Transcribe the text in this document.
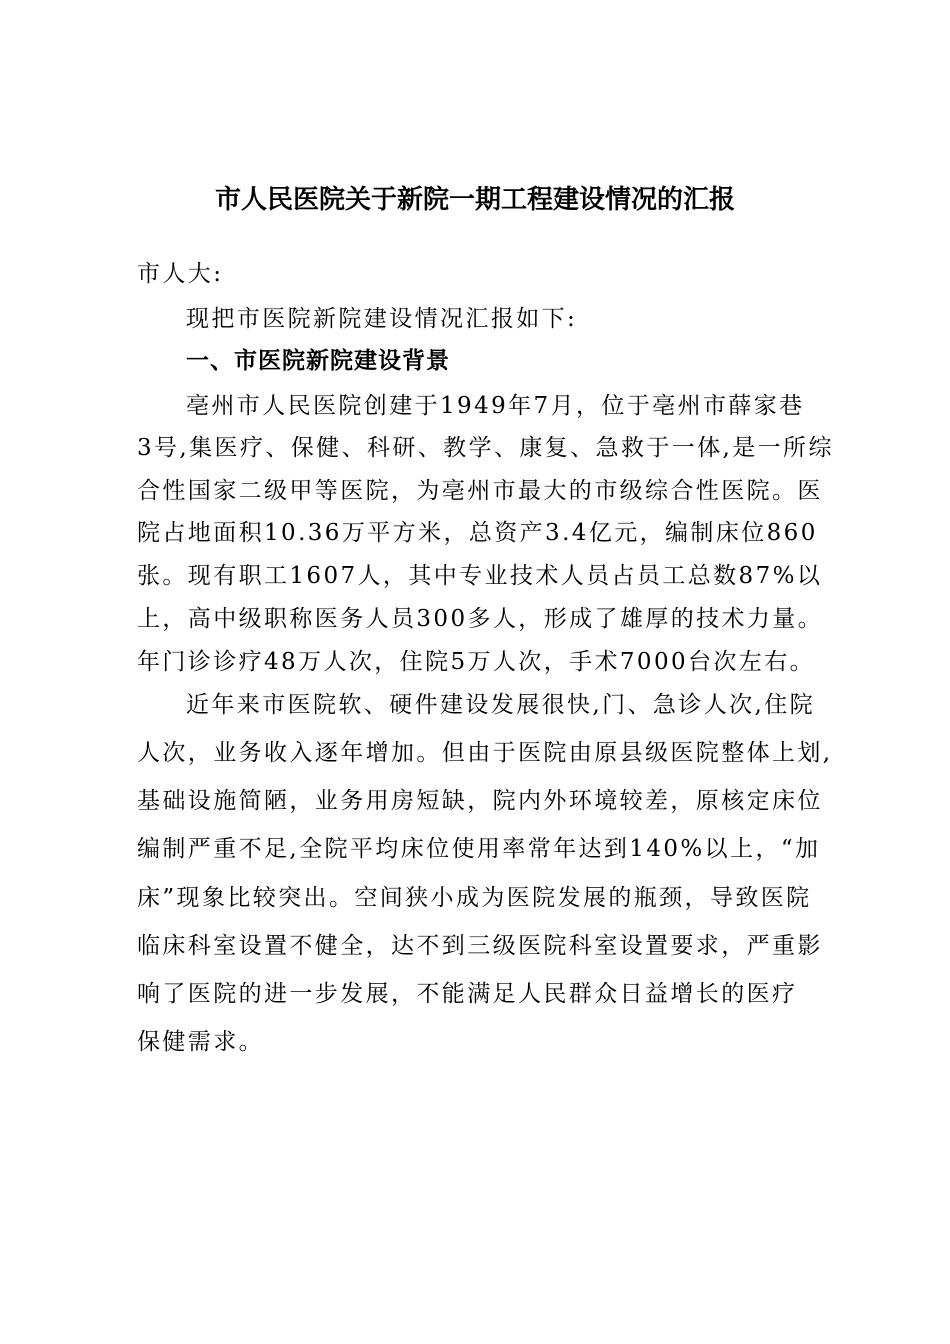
市人民医院关于新院一期工程建设情况的汇报
市人大:
现把市医院新院建设情况汇报如下:
一、市医院新院建设背景
亳州市人民医院创建于1949年7月，位于亳州市薛家巷
3号,集医疗、保健、科研、教学、康复、急救于一体,是一所综
合性国家二级甲等医院，为亳州市最大的市级综合性医院。医
院占地面积10.36万平方米，总资产3.4亿元，编制床位860
张。现有职工1607人，其中专业技术人员占员工总数87%以
上，高中级职称医务人员300多人，形成了雄厚的技术力量。
年门诊诊疗48万人次，住院5万人次，手术7000台次左右。
近年来市医院软、硬件建设发展很快,门、急诊人次,住院
人次，业务收入逐年增加。但由于医院由原县级医院整体上划,
基础设施简陋，业务用房短缺，院内外环境较差，原核定床位
编制严重不足,全院平均床位使用率常年达到140%以上，“加
床”现象比较突出。空间狭小成为医院发展的瓶颈，导致医院
临床科室设置不健全，达不到三级医院科室设置要求，严重影
响了医院的进一步发展，不能满足人民群众日益增长的医疗
保健需求。
